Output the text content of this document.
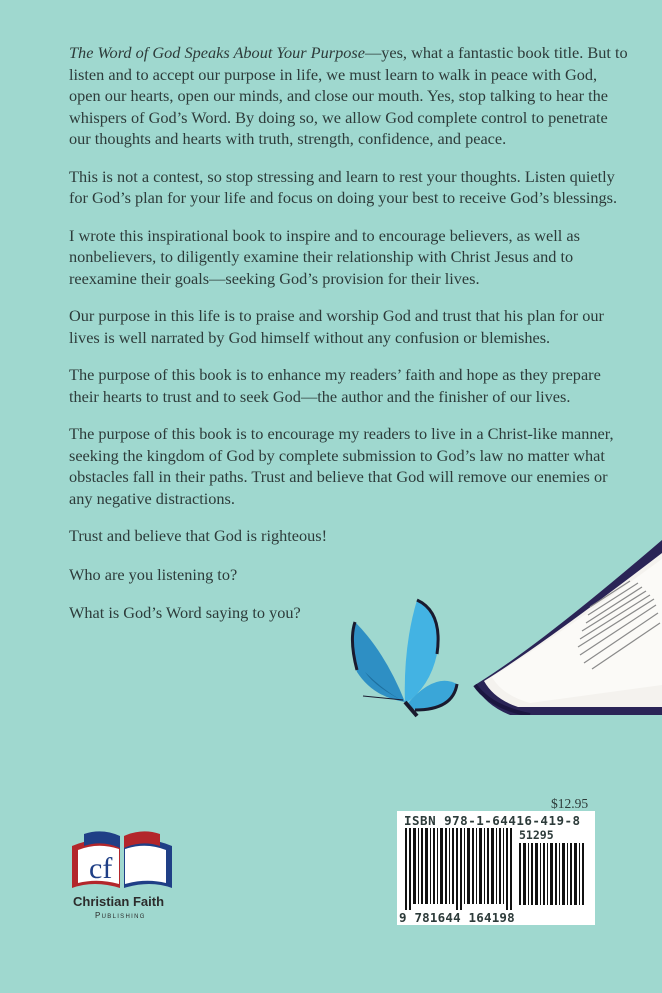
The Word of God Speaks About Your Purpose—yes, what a fantastic book title. But to listen and to accept our purpose in life, we must learn to walk in peace with God, open our hearts, open our minds, and close our mouth. Yes, stop talking to hear the whispers of God’s Word. By doing so, we allow God complete control to penetrate our thoughts and hearts with truth, strength, confidence, and peace.

This is not a contest, so stop stressing and learn to rest your thoughts. Listen quietly for God’s plan for your life and focus on doing your best to receive God’s blessings.

I wrote this inspirational book to inspire and to encourage believers, as well as nonbelievers, to diligently examine their relationship with Christ Jesus and to reexamine their goals—seeking God’s provision for their lives.

Our purpose in this life is to praise and worship God and trust that his plan for our lives is well narrated by God himself without any confusion or blemishes.

The purpose of this book is to enhance my readers’ faith and hope as they prepare their hearts to trust and to seek God—the author and the finisher of our lives.

The purpose of this book is to encourage my readers to live in a Christ-like manner, seeking the kingdom of God by complete submission to God’s law no matter what obstacles fall in their paths. Trust and believe that God will remove our enemies or any negative distractions.

Trust and believe that God is righteous!

Who are you listening to?

What is God’s Word saying to you?

$12.95
ISBN 978-1-64416-419-8
51295
9 781644 164198
cf
Christian Faith
Publishing
